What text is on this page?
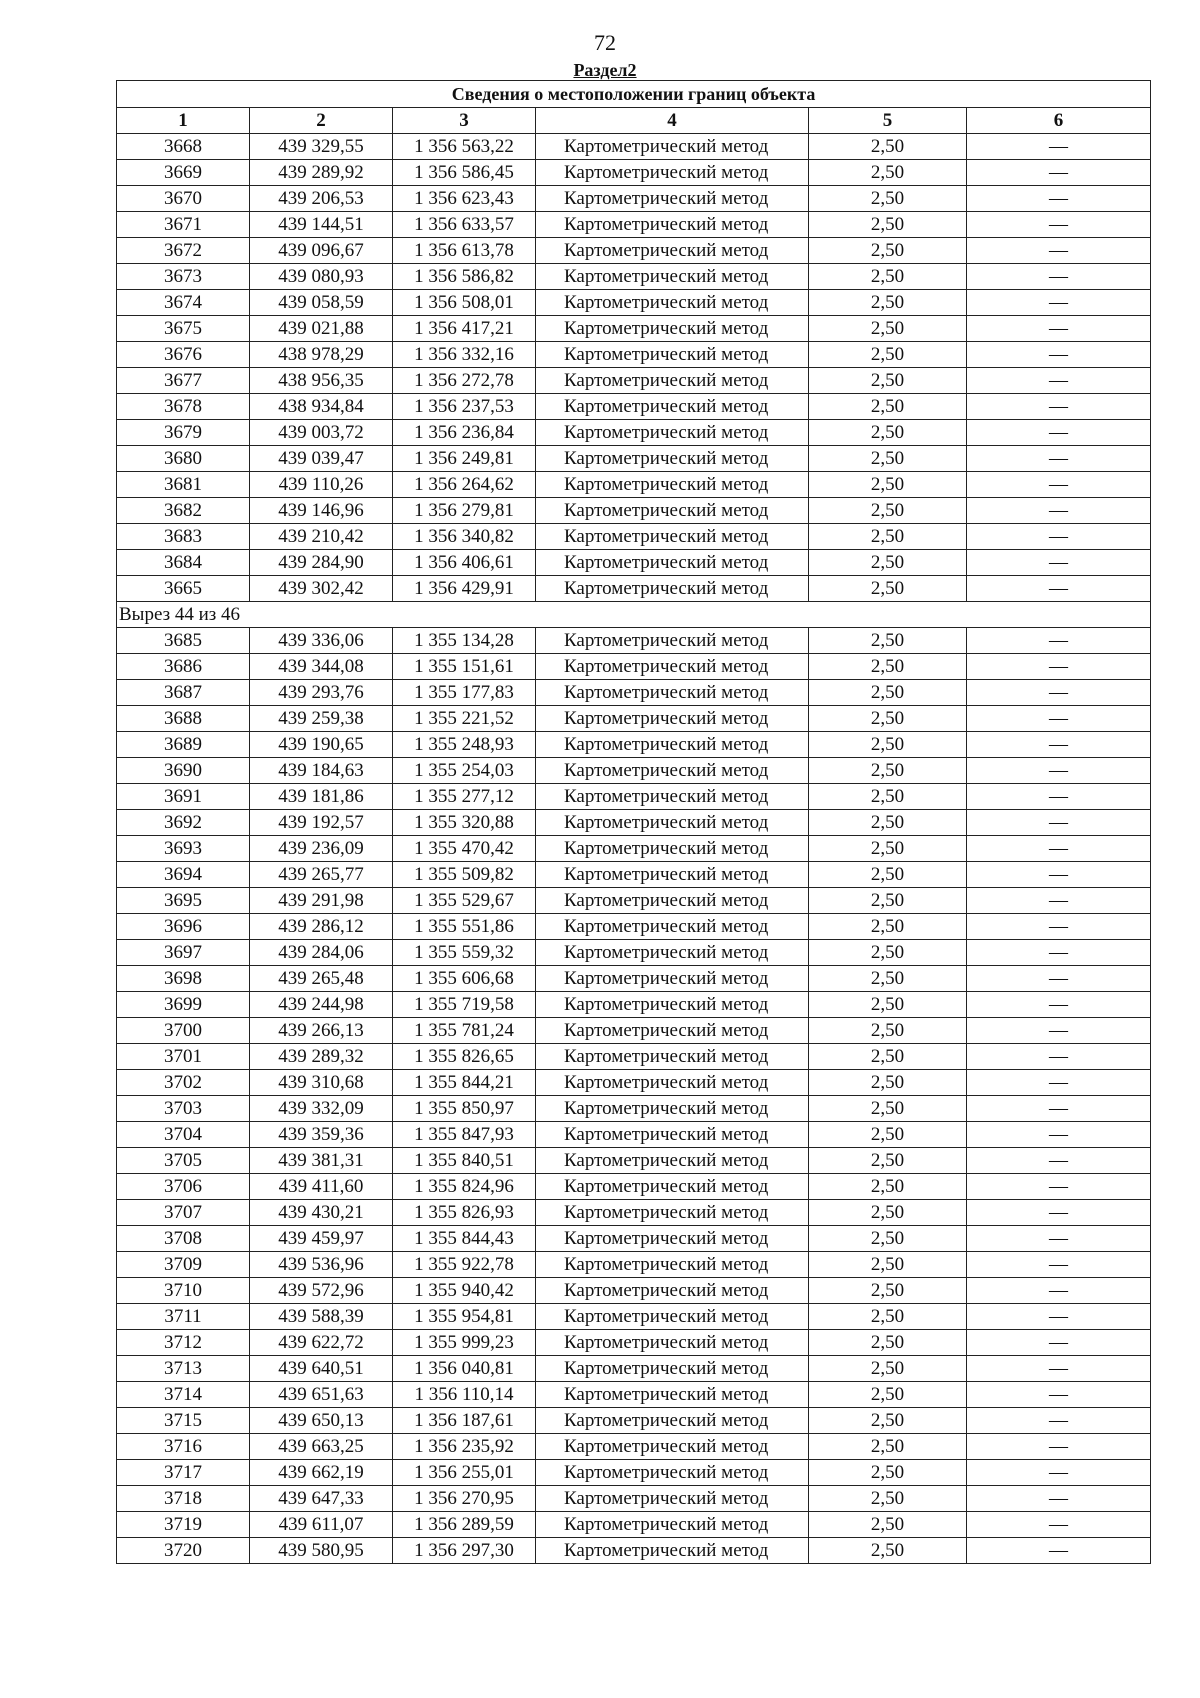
72
Раздел2
Сведения о местоположении границ объекта					
1	2	3	4	5	6
3668	439 329,55	1 356 563,22	Картометрический метод	2,50	—
3669	439 289,92	1 356 586,45	Картометрический метод	2,50	—
3670	439 206,53	1 356 623,43	Картометрический метод	2,50	—
3671	439 144,51	1 356 633,57	Картометрический метод	2,50	—
3672	439 096,67	1 356 613,78	Картометрический метод	2,50	—
3673	439 080,93	1 356 586,82	Картометрический метод	2,50	—
3674	439 058,59	1 356 508,01	Картометрический метод	2,50	—
3675	439 021,88	1 356 417,21	Картометрический метод	2,50	—
3676	438 978,29	1 356 332,16	Картометрический метод	2,50	—
3677	438 956,35	1 356 272,78	Картометрический метод	2,50	—
3678	438 934,84	1 356 237,53	Картометрический метод	2,50	—
3679	439 003,72	1 356 236,84	Картометрический метод	2,50	—
3680	439 039,47	1 356 249,81	Картометрический метод	2,50	—
3681	439 110,26	1 356 264,62	Картометрический метод	2,50	—
3682	439 146,96	1 356 279,81	Картометрический метод	2,50	—
3683	439 210,42	1 356 340,82	Картометрический метод	2,50	—
3684	439 284,90	1 356 406,61	Картометрический метод	2,50	—
3665	439 302,42	1 356 429,91	Картометрический метод	2,50	—
Вырез 44 из 46					
3685	439 336,06	1 355 134,28	Картометрический метод	2,50	—
3686	439 344,08	1 355 151,61	Картометрический метод	2,50	—
3687	439 293,76	1 355 177,83	Картометрический метод	2,50	—
3688	439 259,38	1 355 221,52	Картометрический метод	2,50	—
3689	439 190,65	1 355 248,93	Картометрический метод	2,50	—
3690	439 184,63	1 355 254,03	Картометрический метод	2,50	—
3691	439 181,86	1 355 277,12	Картометрический метод	2,50	—
3692	439 192,57	1 355 320,88	Картометрический метод	2,50	—
3693	439 236,09	1 355 470,42	Картометрический метод	2,50	—
3694	439 265,77	1 355 509,82	Картометрический метод	2,50	—
3695	439 291,98	1 355 529,67	Картометрический метод	2,50	—
3696	439 286,12	1 355 551,86	Картометрический метод	2,50	—
3697	439 284,06	1 355 559,32	Картометрический метод	2,50	—
3698	439 265,48	1 355 606,68	Картометрический метод	2,50	—
3699	439 244,98	1 355 719,58	Картометрический метод	2,50	—
3700	439 266,13	1 355 781,24	Картометрический метод	2,50	—
3701	439 289,32	1 355 826,65	Картометрический метод	2,50	—
3702	439 310,68	1 355 844,21	Картометрический метод	2,50	—
3703	439 332,09	1 355 850,97	Картометрический метод	2,50	—
3704	439 359,36	1 355 847,93	Картометрический метод	2,50	—
3705	439 381,31	1 355 840,51	Картометрический метод	2,50	—
3706	439 411,60	1 355 824,96	Картометрический метод	2,50	—
3707	439 430,21	1 355 826,93	Картометрический метод	2,50	—
3708	439 459,97	1 355 844,43	Картометрический метод	2,50	—
3709	439 536,96	1 355 922,78	Картометрический метод	2,50	—
3710	439 572,96	1 355 940,42	Картометрический метод	2,50	—
3711	439 588,39	1 355 954,81	Картометрический метод	2,50	—
3712	439 622,72	1 355 999,23	Картометрический метод	2,50	—
3713	439 640,51	1 356 040,81	Картометрический метод	2,50	—
3714	439 651,63	1 356 110,14	Картометрический метод	2,50	—
3715	439 650,13	1 356 187,61	Картометрический метод	2,50	—
3716	439 663,25	1 356 235,92	Картометрический метод	2,50	—
3717	439 662,19	1 356 255,01	Картометрический метод	2,50	—
3718	439 647,33	1 356 270,95	Картометрический метод	2,50	—
3719	439 611,07	1 356 289,59	Картометрический метод	2,50	—
3720	439 580,95	1 356 297,30	Картометрический метод	2,50	—
